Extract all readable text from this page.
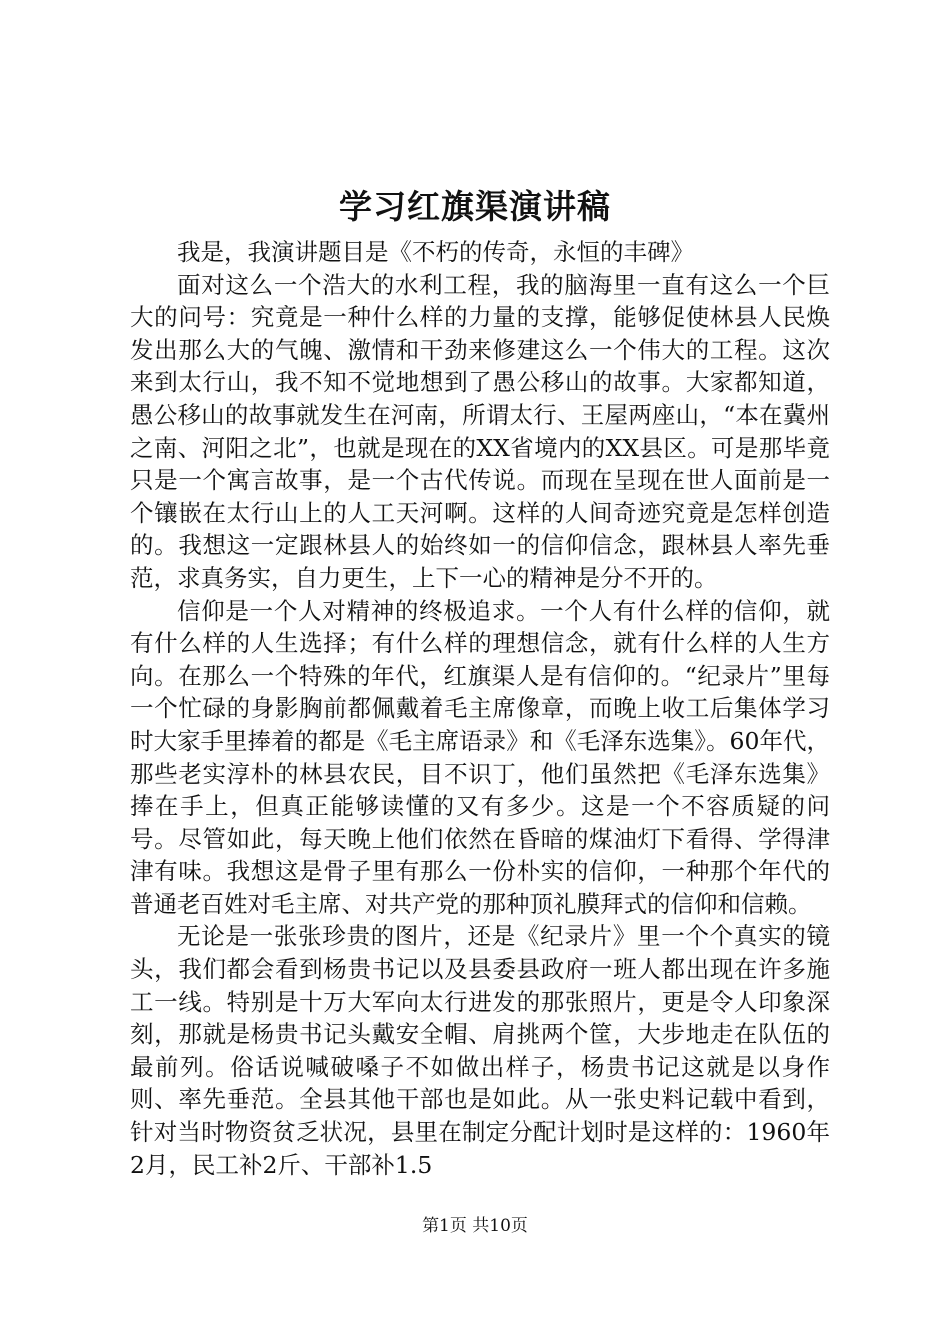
学习红旗渠演讲稿

我是，我演讲题目是《不朽的传奇，永恒的丰碑》

面对这么一个浩大的水利工程，我的脑海里一直有这么一个巨大的问号：究竟是一种什么样的力量的支撑，能够促使林县人民焕发出那么大的气魄、激情和干劲来修建这么一个伟大的工程。这次来到太行山，我不知不觉地想到了愚公移山的故事。大家都知道，愚公移山的故事就发生在河南，所谓太行、王屋两座山，“本在冀州之南、河阳之北”，也就是现在的XX省境内的XX县区。可是那毕竟只是一个寓言故事，是一个古代传说。而现在呈现在世人面前是一个镶嵌在太行山上的人工天河啊。这样的人间奇迹究竟是怎样创造的。我想这一定跟林县人的始终如一的信仰信念，跟林县人率先垂范，求真务实，自力更生，上下一心的精神是分不开的。

信仰是一个人对精神的终极追求。一个人有什么样的信仰，就有什么样的人生选择；有什么样的理想信念，就有什么样的人生方向。在那么一个特殊的年代，红旗渠人是有信仰的。“纪录片”里每一个忙碌的身影胸前都佩戴着毛主席像章，而晚上收工后集体学习时大家手里捧着的都是《毛主席语录》和《毛泽东选集》。60年代，那些老实淳朴的林县农民，目不识丁，他们虽然把《毛泽东选集》捧在手上，但真正能够读懂的又有多少。这是一个不容质疑的问号。尽管如此，每天晚上他们依然在昏暗的煤油灯下看得、学得津津有味。我想这是骨子里有那么一份朴实的信仰，一种那个年代的普通老百姓对毛主席、对共产党的那种顶礼膜拜式的信仰和信赖。

无论是一张张珍贵的图片，还是《纪录片》里一个个真实的镜头，我们都会看到杨贵书记以及县委县政府一班人都出现在许多施工一线。特别是十万大军向太行进发的那张照片，更是令人印象深刻，那就是杨贵书记头戴安全帽、肩挑两个筐，大步地走在队伍的最前列。俗话说喊破嗓子不如做出样子，杨贵书记这就是以身作则、率先垂范。全县其他干部也是如此。从一张史料记载中看到，针对当时物资贫乏状况，县里在制定分配计划时是这样的：1960年2月，民工补2斤、干部补1.5

第1页 共10页
